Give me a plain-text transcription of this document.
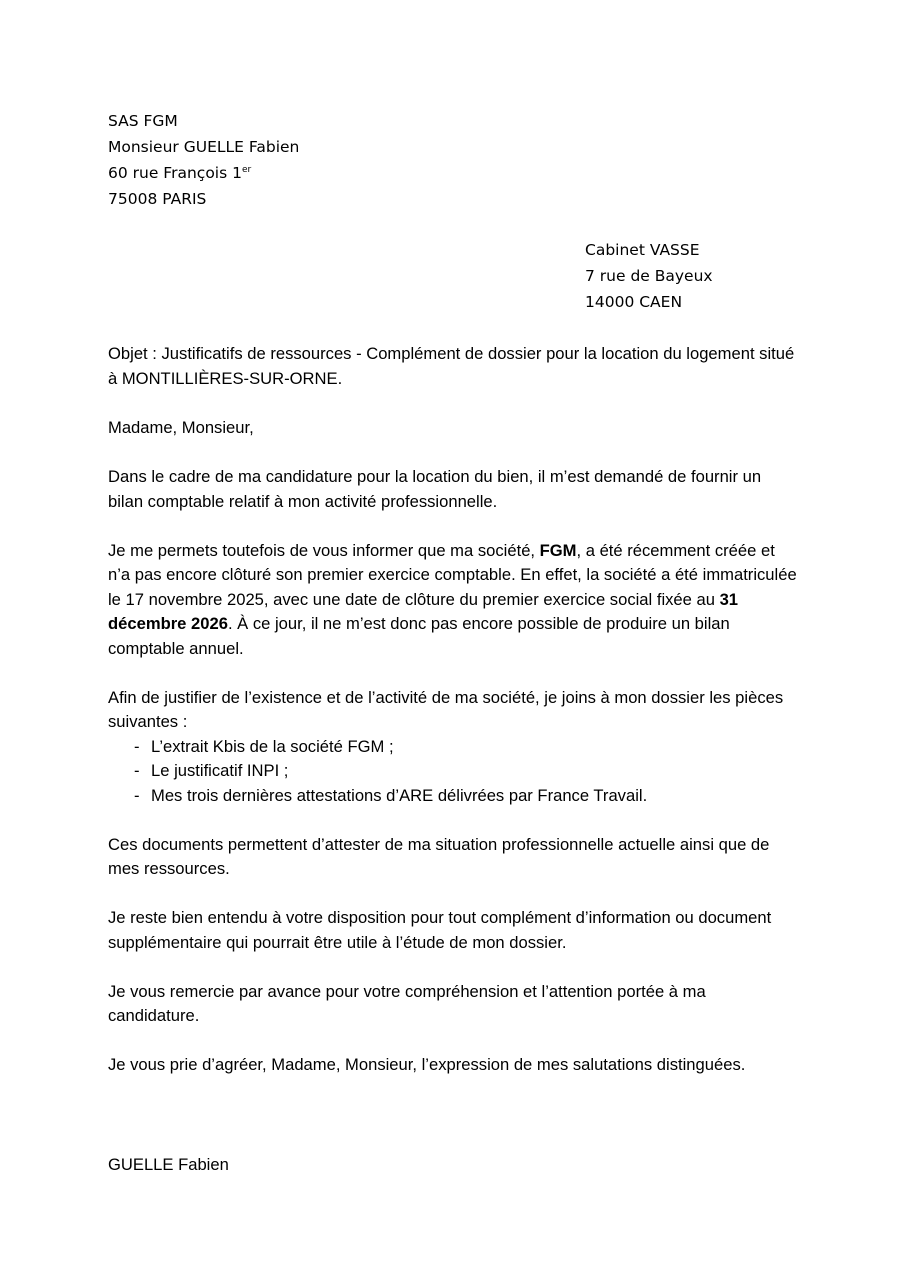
SAS FGM
Monsieur GUELLE Fabien
60 rue François 1er
75008 PARIS
Cabinet VASSE
7 rue de Bayeux
14000 CAEN

Objet : Justificatifs de ressources - Complément de dossier pour la location du logement situé à MONTILLIÈRES-SUR-ORNE.

Madame, Monsieur,

Dans le cadre de ma candidature pour la location du bien, il m’est demandé de fournir un bilan comptable relatif à mon activité professionnelle.

Je me permets toutefois de vous informer que ma société, FGM, a été récemment créée et n’a pas encore clôturé son premier exercice comptable. En effet, la société a été immatriculée le 17 novembre 2025, avec une date de clôture du premier exercice social fixée au 31 décembre 2026. À ce jour, il ne m’est donc pas encore possible de produire un bilan comptable annuel.

Afin de justifier de l’existence et de l’activité de ma société, je joins à mon dossier les pièces suivantes :
- L’extrait Kbis de la société FGM ;
- Le justificatif INPI ;
- Mes trois dernières attestations d’ARE délivrées par France Travail.

Ces documents permettent d’attester de ma situation professionnelle actuelle ainsi que de mes ressources.

Je reste bien entendu à votre disposition pour tout complément d’information ou document supplémentaire qui pourrait être utile à l’étude de mon dossier.

Je vous remercie par avance pour votre compréhension et l’attention portée à ma candidature.

Je vous prie d’agréer, Madame, Monsieur, l’expression de mes salutations distinguées.

GUELLE Fabien
